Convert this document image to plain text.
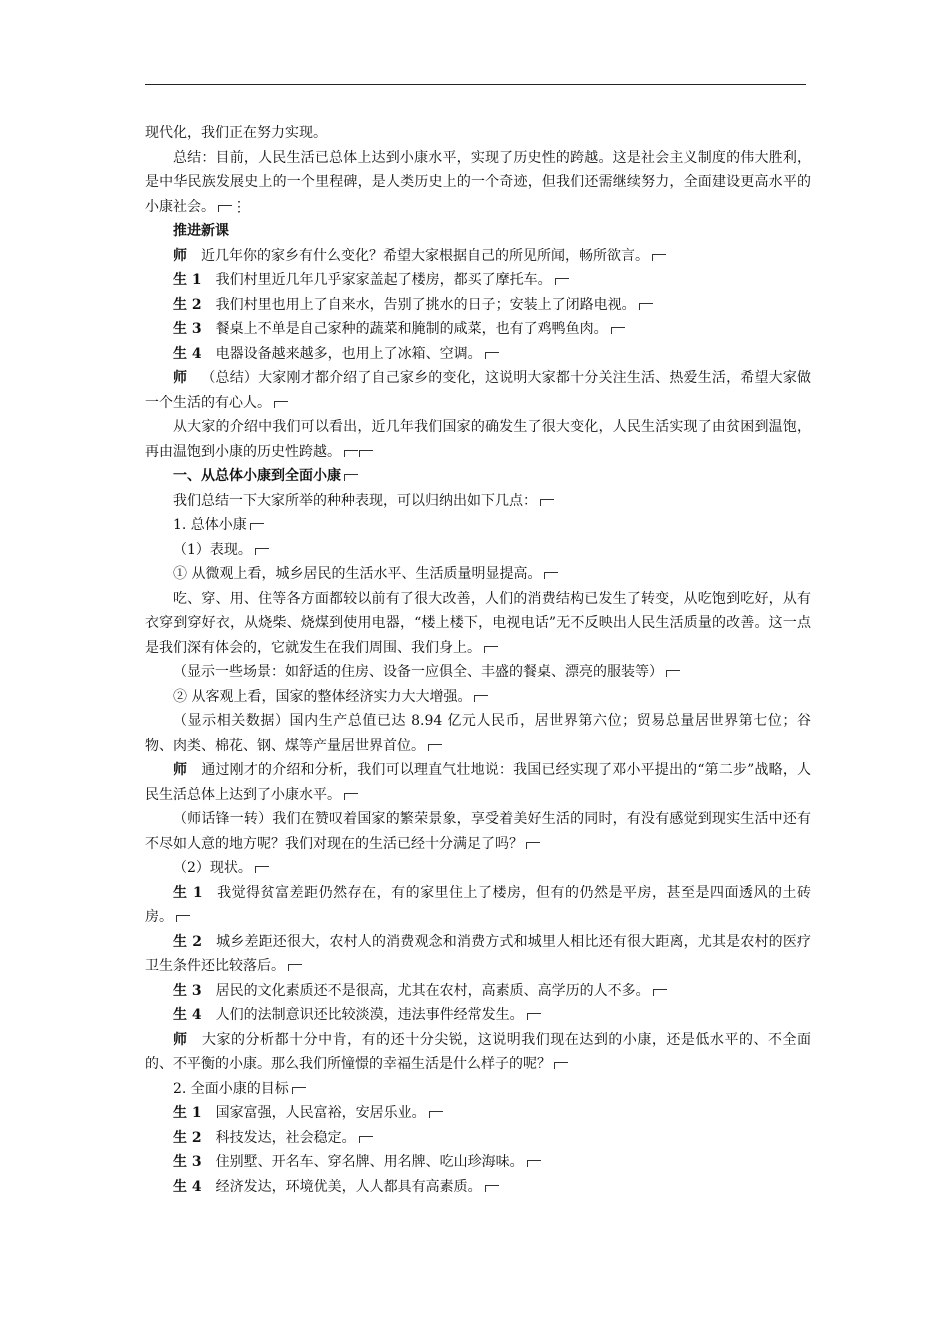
现代化，我们正在努力实现。

总结：目前，人民生活已总体上达到小康水平，实现了历史性的跨越。这是社会主义制度的伟大胜利，是中华民族发展史上的一个里程碑，是人类历史上的一个奇迹，但我们还需继续努力，全面建设更高水平的小康社会。 ⋮

推进新课

师 近几年你的家乡有什么变化？希望大家根据自己的所见所闻，畅所欲言。

生 1 我们村里近几年几乎家家盖起了楼房，都买了摩托车。

生 2 我们村里也用上了自来水，告别了挑水的日子；安装上了闭路电视。

生 3 餐桌上不单是自己家种的蔬菜和腌制的咸菜，也有了鸡鸭鱼肉。

生 4 电器设备越来越多，也用上了冰箱、空调。

师 （总结）大家刚才都介绍了自己家乡的变化，这说明大家都十分关注生活、热爱生活，希望大家做一个生活的有心人。

从大家的介绍中我们可以看出，近几年我们国家的确发生了很大变化，人民生活实现了由贫困到温饱，再由温饱到小康的历史性跨越。

一、从总体小康到全面小康

我们总结一下大家所举的种种表现，可以归纳出如下几点：

1. 总体小康

（1）表现。

① 从微观上看，城乡居民的生活水平、生活质量明显提高。

吃、穿、用、住等各方面都较以前有了很大改善，人们的消费结构已发生了转变，从吃饱到吃好，从有衣穿到穿好衣，从烧柴、烧煤到使用电器，“楼上楼下，电视电话”无不反映出人民生活质量的改善。这一点是我们深有体会的，它就发生在我们周围、我们身上。

（显示一些场景：如舒适的住房、设备一应俱全、丰盛的餐桌、漂亮的服装等）

② 从客观上看，国家的整体经济实力大大增强。

（显示相关数据）国内生产总值已达 8.94 亿元人民币，居世界第六位；贸易总量居世界第七位；谷物、肉类、棉花、钢、煤等产量居世界首位。

师 通过刚才的介绍和分析，我们可以理直气壮地说：我国已经实现了邓小平提出的“第二步”战略，人民生活总体上达到了小康水平。

（师话锋一转）我们在赞叹着国家的繁荣景象，享受着美好生活的同时，有没有感觉到现实生活中还有不尽如人意的地方呢？我们对现在的生活已经十分满足了吗？

（2）现状。

生 1 我觉得贫富差距仍然存在，有的家里住上了楼房，但有的仍然是平房，甚至是四面透风的土砖房。

生 2 城乡差距还很大，农村人的消费观念和消费方式和城里人相比还有很大距离，尤其是农村的医疗卫生条件还比较落后。

生 3 居民的文化素质还不是很高，尤其在农村，高素质、高学历的人不多。

生 4 人们的法制意识还比较淡漠，违法事件经常发生。

师 大家的分析都十分中肯，有的还十分尖锐，这说明我们现在达到的小康，还是低水平的、不全面的、不平衡的小康。那么我们所憧憬的幸福生活是什么样子的呢？

2. 全面小康的目标

生 1 国家富强，人民富裕，安居乐业。

生 2 科技发达，社会稳定。

生 3 住别墅、开名车、穿名牌、用名牌、吃山珍海味。

生 4 经济发达，环境优美，人人都具有高素质。
